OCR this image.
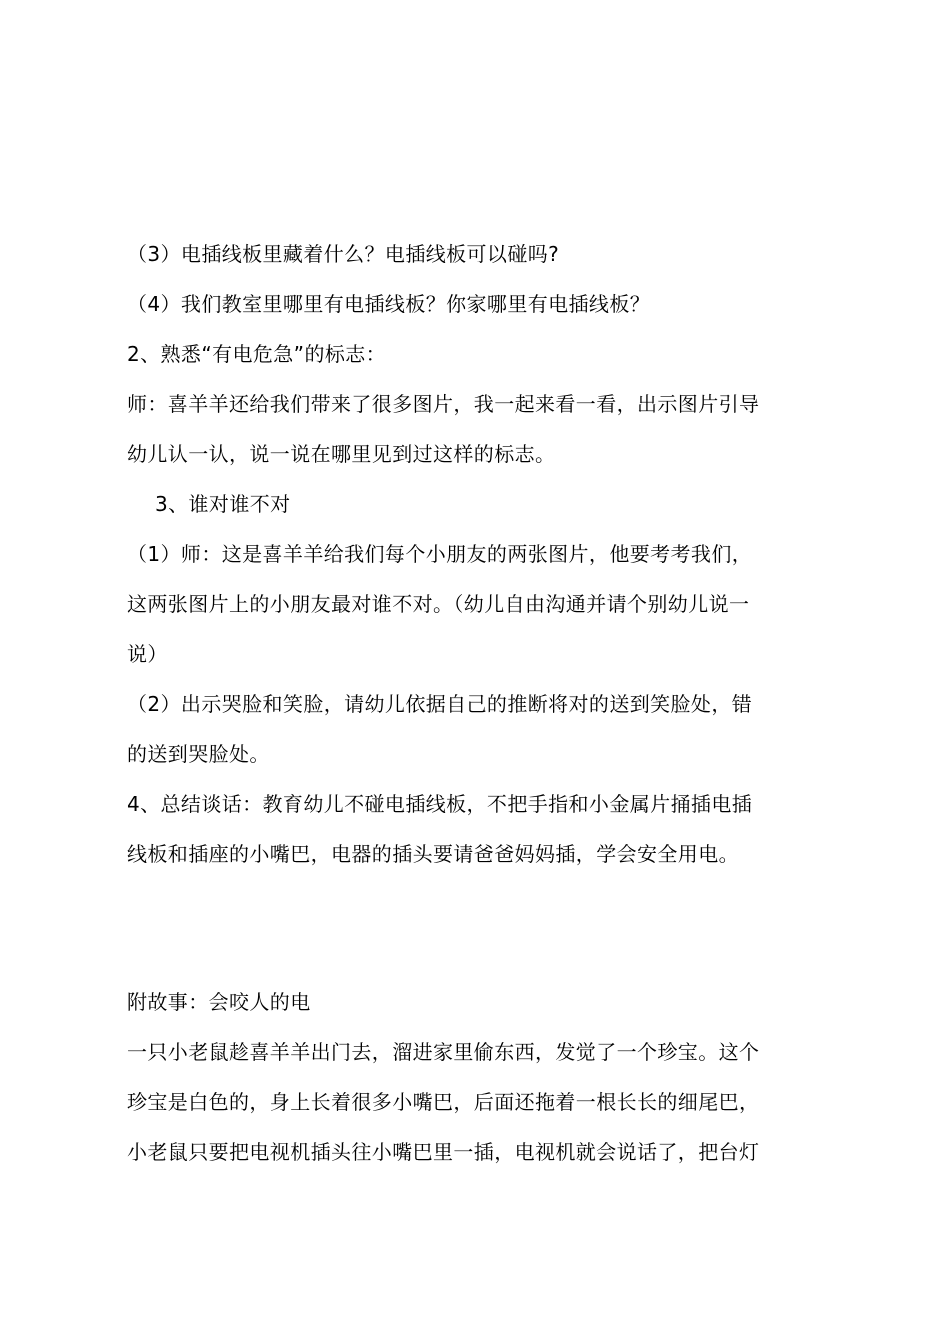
（3）电插线板里藏着什么？电插线板可以碰吗?
（4）我们教室里哪里有电插线板？你家哪里有电插线板？
2、熟悉“有电危急”的标志：
师：喜羊羊还给我们带来了很多图片，我一起来看一看，出示图片引导
幼儿认一认，说一说在哪里见到过这样的标志。
3、谁对谁不对
（1）师：这是喜羊羊给我们每个小朋友的两张图片，他要考考我们，
这两张图片上的小朋友最对谁不对。（幼儿自由沟通并请个别幼儿说一
说）
（2）出示哭脸和笑脸，请幼儿依据自己的推断将对的送到笑脸处，错
的送到哭脸处。
4、总结谈话：教育幼儿不碰电插线板，不把手指和小金属片捅插电插
线板和插座的小嘴巴，电器的插头要请爸爸妈妈插，学会安全用电。
附故事：会咬人的电
一只小老鼠趁喜羊羊出门去，溜进家里偷东西，发觉了一个珍宝。这个
珍宝是白色的，身上长着很多小嘴巴，后面还拖着一根长长的细尾巴，
小老鼠只要把电视机插头往小嘴巴里一插，电视机就会说话了，把台灯
